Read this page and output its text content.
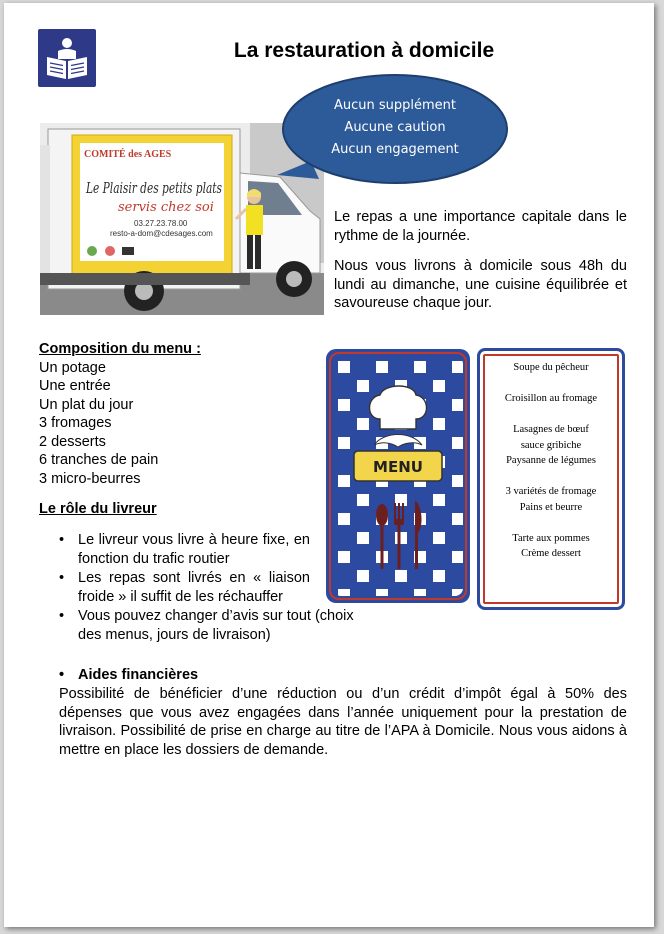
La restauration à domicile
COMITÉ des AGES
Le Plaisir des petits plats
servis chez soi
03.27.23.78.00
resto-a-dom@cdesages.com
Aucun supplément
Aucune caution
Aucun engagement

Le repas a une importance capitale dans le rythme de la journée.

Nous vous livrons à domicile sous 48h du lundi au dimanche, une cuisine équilibrée et savoureuse chaque jour.

Composition du menu :
Un potage
Une entrée
Un plat du jour
3 fromages
2 desserts
6 tranches de pain
3 micro-beurres
Le rôle du livreur
• Le livreur vous livre à heure fixe, en fonction du trafic routier
• Les repas sont livrés en « liaison froide » il suffit de les réchauffer
• Vous pouvez changer d’avis sur tout (choix des menus, jours de livraison)
• Aides financières

Possibilité de bénéficier d’une réduction ou d’un crédit d’impôt égal à 50% des dépenses que vous avez engagées dans l’année uniquement pour la prestation de livraison. Possibilité de prise en charge au titre de l’APA à Domicile. Nous vous aidons à mettre en place les dossiers de demande.

MENU
Soupe du pêcheur
Croisillon au fromage
Lasagnes de bœuf
sauce gribiche
Paysanne de légumes
3 variétés de fromage
Pains et beurre
Tarte aux pommes
Crème dessert
